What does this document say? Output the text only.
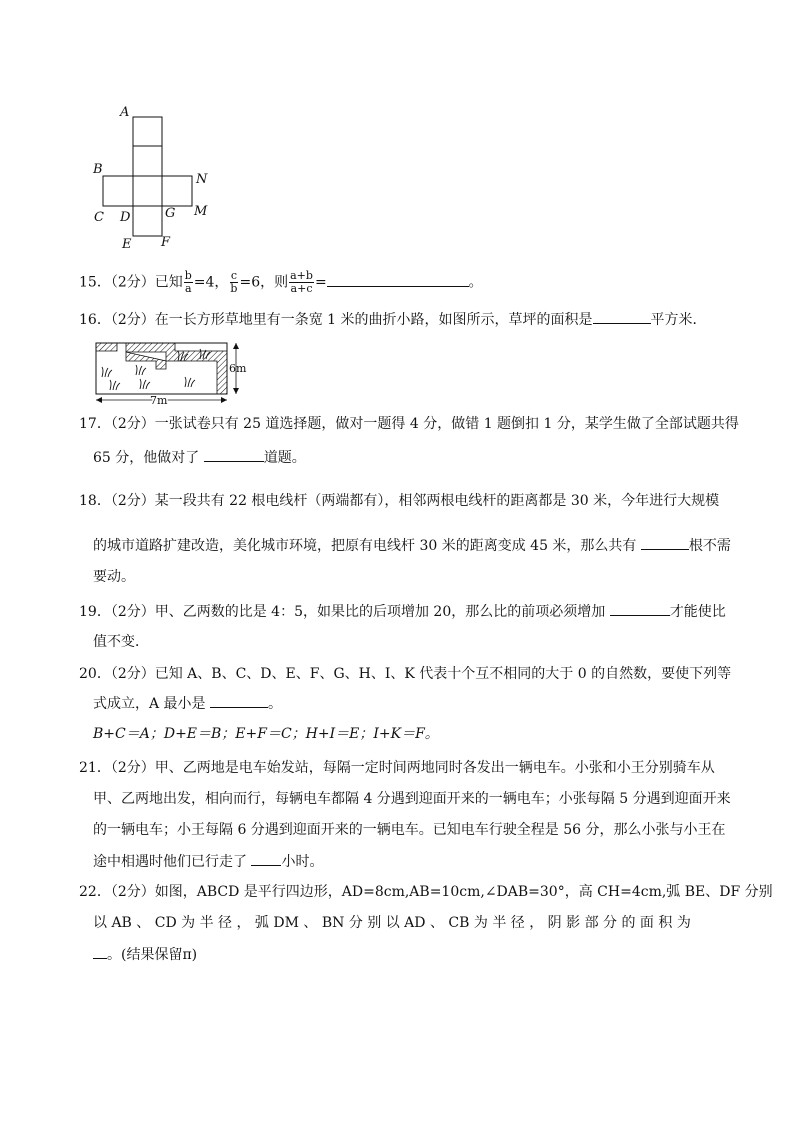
A
B
N
C D	G M
E F
15．（2分）已知 $\frac{b}{a} =4$， $\frac{c}{b} =6$，则 $\frac{a+b}{a+c}$ =	。
16．（2分）在一长方形草地里有一条宽 1 米的曲折小路，如图所示，草坪的面积是	平方米．
6m
7m
17．（2分）一张试卷只有 25 道选择题，做对一题得 4 分，做错 1 题倒扣 1 分，某学生做了全部试题共得
65 分，他做对了	道题。
18．（2分）某一段共有 22 根电线杆（两端都有），相邻两根电线杆的距离都是 30 米，今年进行大规模
的城市道路扩建改造，美化城市环境，把原有电线杆 30 米的距离变成 45 米，那么共有	根不需
要动。
19．（2分）甲、乙两数的比是 4：5，如果比的后项增加 20，那么比的前项必须增加	才能使比
值不变．
20．（2分）已知 A、B、C、D、E、F、G、H、I、K 代表十个互不相同的大于 0 的自然数，要使下列等
式成立，A 最小是	。
B+C＝A；D+E＝B；E+F＝C；H+I＝E；I+K＝F。
21．（2分）甲、乙两地是电车始发站，每隔一定时间两地同时各发出一辆电车。小张和小王分别骑车从
甲、乙两地出发，相向而行，每辆电车都隔 4 分遇到迎面开来的一辆电车；小张每隔 5 分遇到迎面开来
的一辆电车；小王每隔 6 分遇到迎面开来的一辆电车。已知电车行驶全程是 56 分，那么小张与小王在
途中相遇时他们已行走了 小时。
22．（2分）如图，ABCD 是平行四边形，AD=8cm,AB=10cm,∠DAB=30°，高 CH=4cm,弧 BE、DF 分别
以 AB 、 CD 为 半 径 ， 弧 DM 、 BN 分 别 以 AD 、 CB 为 半 径 ， 阴 影 部 分 的 面 积 为
。(结果保留π)
